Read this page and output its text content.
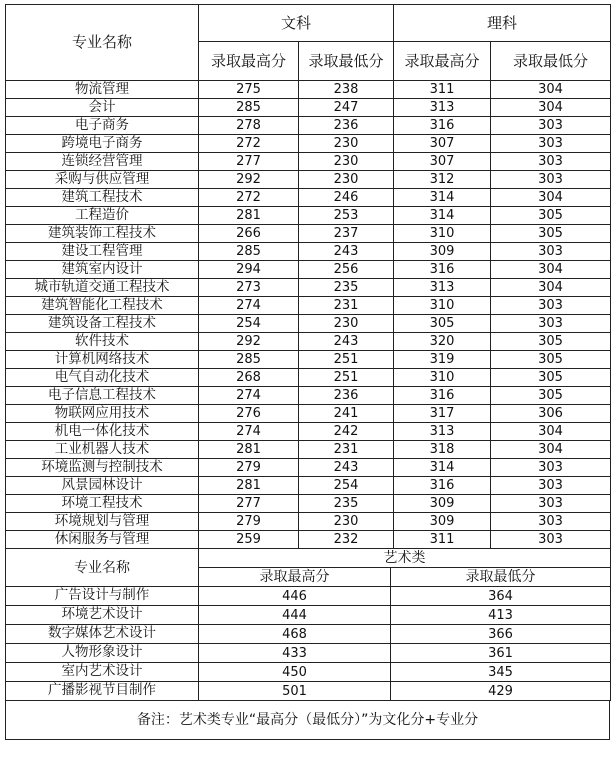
专业名称	文科		理科	
	录取最高分	录取最低分	录取最高分	录取最低分
物流管理	275	238	311	304
会计	285	247	313	304
电子商务	278	236	316	303
跨境电子商务	272	230	307	303
连锁经营管理	277	230	307	303
采购与供应管理	292	230	312	303
建筑工程技术	272	246	314	304
工程造价	281	253	314	305
建筑装饰工程技术	266	237	310	305
建设工程管理	285	243	309	303
建筑室内设计	294	256	316	304
城市轨道交通工程技术	273	235	313	304
建筑智能化工程技术	274	231	310	303
建筑设备工程技术	254	230	305	303
软件技术	292	243	320	305
计算机网络技术	285	251	319	305
电气自动化技术	268	251	310	305
电子信息工程技术	274	236	316	305
物联网应用技术	276	241	317	306
机电一体化技术	274	242	313	304
工业机器人技术	281	231	318	304
环境监测与控制技术	279	243	314	303
风景园林设计	281	254	316	303
环境工程技术	277	235	309	303
环境规划与管理	279	230	309	303
休闲服务与管理	259	232	311	303
专业名称	艺术类	
	录取最高分	录取最低分
广告设计与制作	446	364
环境艺术设计	444	413
数字媒体艺术设计	468	366
人物形象设计	433	361
室内艺术设计	450	345
广播影视节目制作	501	429
备注：艺术类专业“最高分（最低分）”为文化分+专业分
